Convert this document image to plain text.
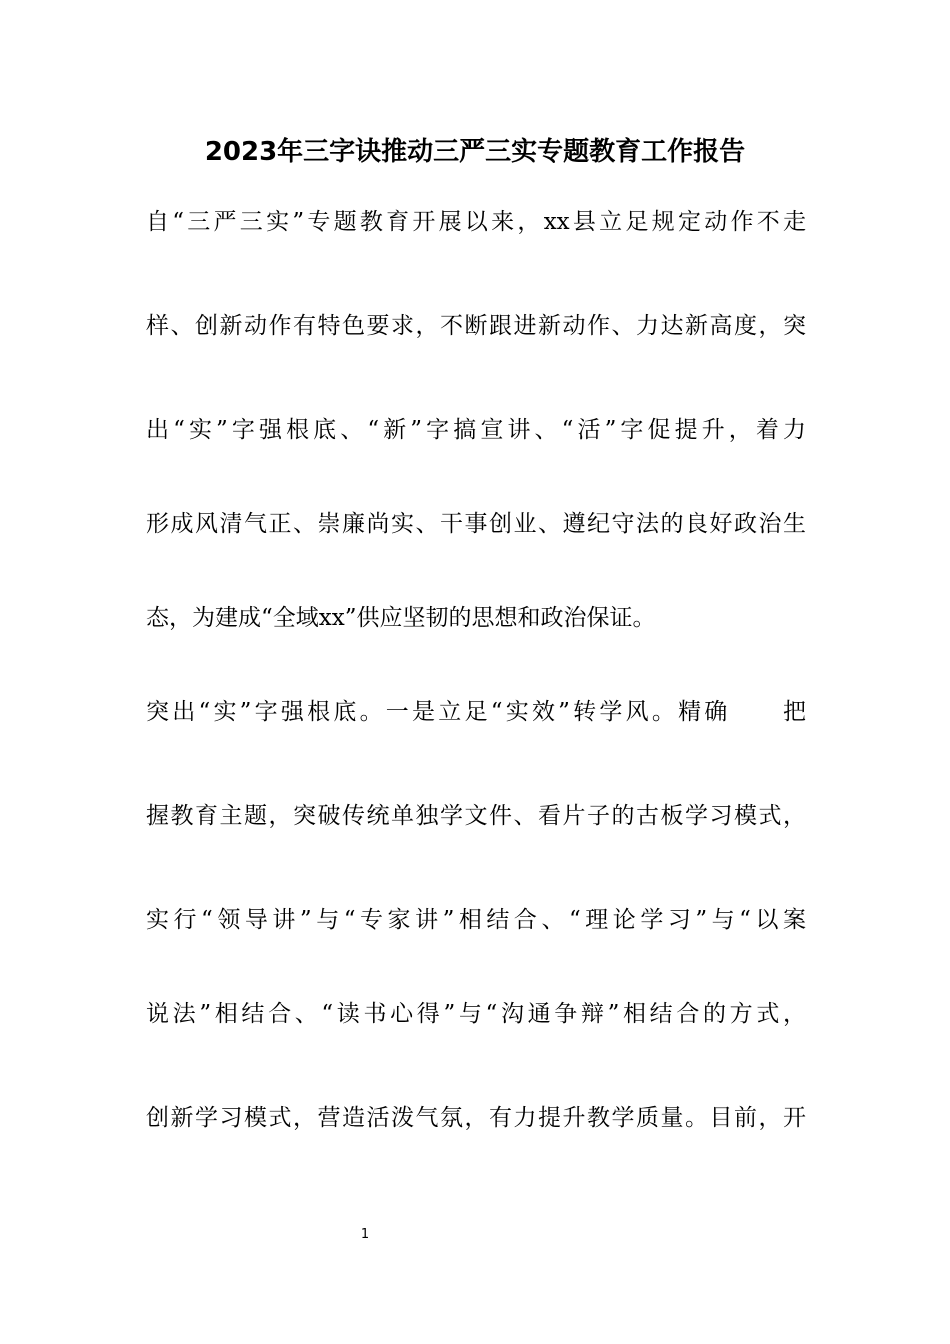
2023年三字诀推动三严三实专题教育工作报告
自“三严三实”专题教育开展以来，xx县立足规定动作不走
样、创新动作有特色要求，不断跟进新动作、力达新高度，突
出“实”字强根底、“新”字搞宣讲、“活”字促提升，着力
形成风清气正、崇廉尚实、干事创业、遵纪守法的良好政治生
态，为建成“全域xx”供应坚韧的思想和政治保证。
突出“实”字强根底。一是立足“实效”转学风。精确　　把
握教育主题，突破传统单独学文件、看片子的古板学习模式，
实行“领导讲”与“专家讲”相结合、“理论学习”与“以案
说法”相结合、“读书心得”与“沟通争辩”相结合的方式，
创新学习模式，营造活泼气氛，有力提升教学质量。目前，开
1
